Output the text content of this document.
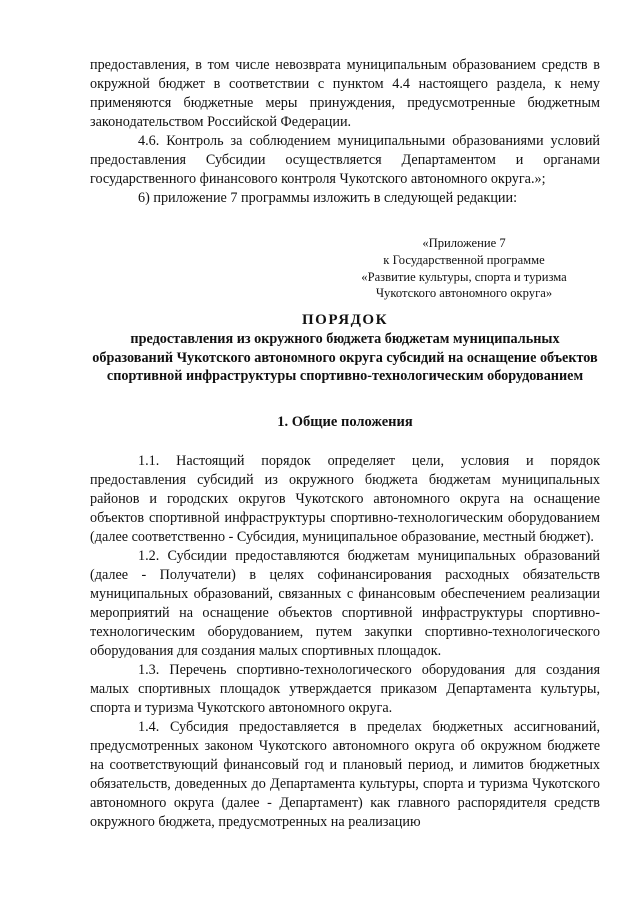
предоставления, в том числе невозврата муниципальным образованием средств в окружной бюджет в соответствии с пунктом 4.4 настоящего раздела, к нему применяются бюджетные меры принуждения, предусмотренные бюджетным законодательством Российской Федерации.

4.6. Контроль за соблюдением муниципальными образованиями условий предоставления Субсидии осуществляется Департаментом и органами государственного финансового контроля Чукотского автономного округа.»;

6) приложение 7 программы изложить в следующей редакции:

«Приложение 7
к Государственной программе
«Развитие культуры, спорта и туризма
Чукотского автономного округа»
ПОРЯДОК
предоставления из окружного бюджета бюджетам муниципальных образований Чукотского автономного округа субсидий на оснащение объектов спортивной инфраструктуры спортивно-технологическим оборудованием
1. Общие положения

1.1. Настоящий порядок определяет цели, условия и порядок предоставления субсидий из окружного бюджета бюджетам муниципальных районов и городских округов Чукотского автономного округа на оснащение объектов спортивной инфраструктуры спортивно-технологическим оборудованием (далее соответственно - Субсидия, муниципальное образование, местный бюджет).

1.2. Субсидии предоставляются бюджетам муниципальных образований (далее - Получатели) в целях софинансирования расходных обязательств муниципальных образований, связанных с финансовым обеспечением реализации мероприятий на оснащение объектов спортивной инфраструктуры спортивно-технологическим оборудованием, путем закупки спортивно-технологического оборудования для создания малых спортивных площадок.

1.3. Перечень спортивно-технологического оборудования для создания малых спортивных площадок утверждается приказом Департамента культуры, спорта и туризма Чукотского автономного округа.

1.4. Субсидия предоставляется в пределах бюджетных ассигнований, предусмотренных законом Чукотского автономного округа об окружном бюджете на соответствующий финансовый год и плановый период, и лимитов бюджетных обязательств, доведенных до Департамента культуры, спорта и туризма Чукотского автономного округа (далее - Департамент) как главного распорядителя средств окружного бюджета, предусмотренных на реализацию
